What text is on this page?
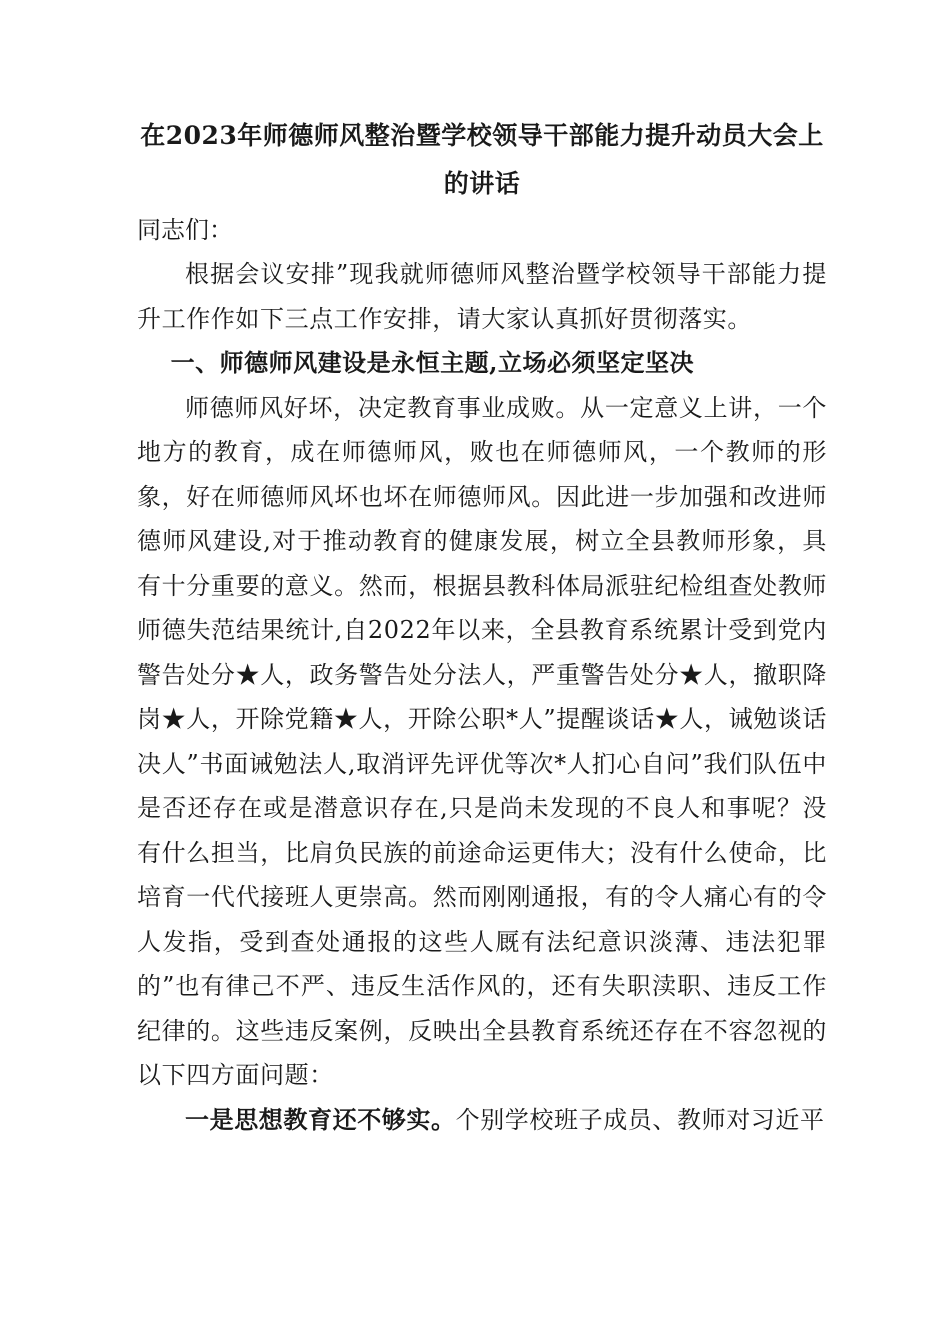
在2023年师德师风整治暨学校领导干部能力提升动员大会上的讲话

同志们：

根据会议安排”现我就师德师风整治暨学校领导干部能力提升工作作如下三点工作安排，请大家认真抓好贯彻落实。

一、师德师风建设是永恒主题,立场必须坚定坚决

师德师风好坏，决定教育事业成败。从一定意义上讲，一个地方的教育，成在师德师风，败也在师德师风，一个教师的形象，好在师德师风坏也坏在师德师风。因此进一步加强和改进师德师风建设,对于推动教育的健康发展，树立全县教师形象，具有十分重要的意义。然而，根据县教科体局派驻纪检组查处教师师德失范结果统计,自2022年以来，全县教育系统累计受到党内警告处分★人，政务警告处分法人，严重警告处分★人，撤职降岗★人，开除党籍★人，开除公职*人”提醒谈话★人，诫勉谈话决人”书面诫勉法人,取消评先评优等次*人扪心自问”我们队伍中是否还存在或是潜意识存在,只是尚未发现的不良人和事呢？没有什么担当，比肩负民族的前途命运更伟大；没有什么使命，比培育一代代接班人更崇高。然而刚刚通报，有的令人痛心有的令人发指，受到查处通报的这些人厩有法纪意识淡薄、违法犯罪的”也有律己不严、违反生活作风的，还有失职渎职、违反工作纪律的。这些违反案例，反映出全县教育系统还存在不容忽视的以下四方面问题：

一是思想教育还不够实。个别学校班子成员、教师对习近平
